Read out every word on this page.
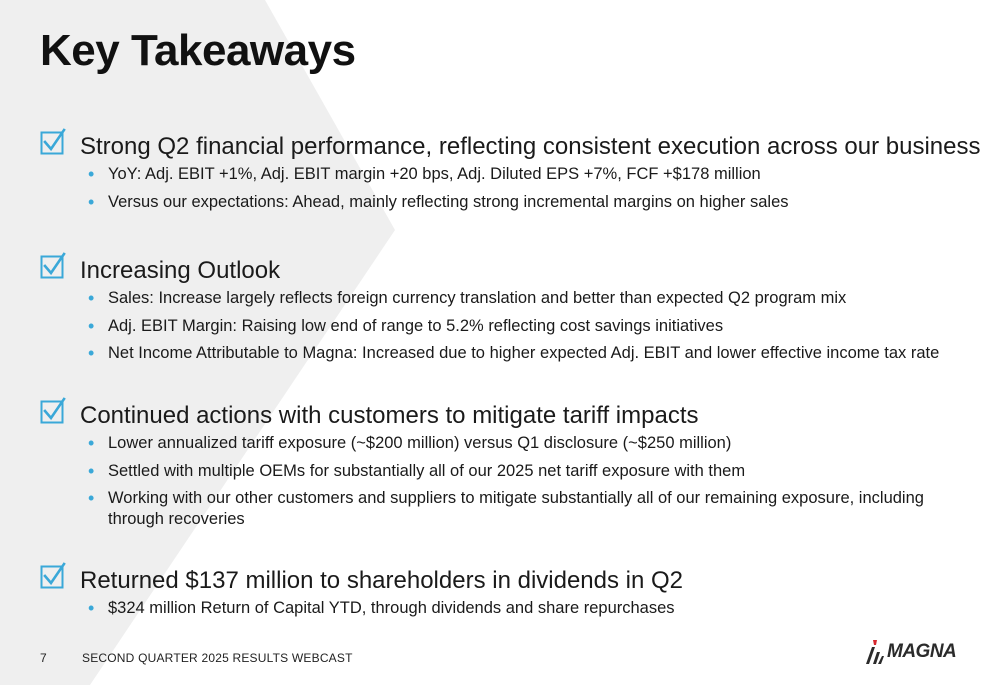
Key Takeaways
Strong Q2 financial performance, reflecting consistent execution across our business
• YoY: Adj. EBIT +1%, Adj. EBIT margin +20 bps, Adj. Diluted EPS +7%, FCF +$178 million
• Versus our expectations: Ahead, mainly reflecting strong incremental margins on higher sales
Increasing Outlook
• Sales: Increase largely reflects foreign currency translation and better than expected Q2 program mix
• Adj. EBIT Margin: Raising low end of range to 5.2% reflecting cost savings initiatives
• Net Income Attributable to Magna: Increased due to higher expected Adj. EBIT and lower effective income tax rate
Continued actions with customers to mitigate tariff impacts
• Lower annualized tariff exposure (~$200 million) versus Q1 disclosure (~$250 million)
• Settled with multiple OEMs for substantially all of our 2025 net tariff exposure with them
• Working with our other customers and suppliers to mitigate substantially all of our remaining exposure, including through recoveries
Returned $137 million to shareholders in dividends in Q2
• $324 million Return of Capital YTD, through dividends and share repurchases
7	SECOND QUARTER 2025 RESULTS WEBCAST	MAGNA
